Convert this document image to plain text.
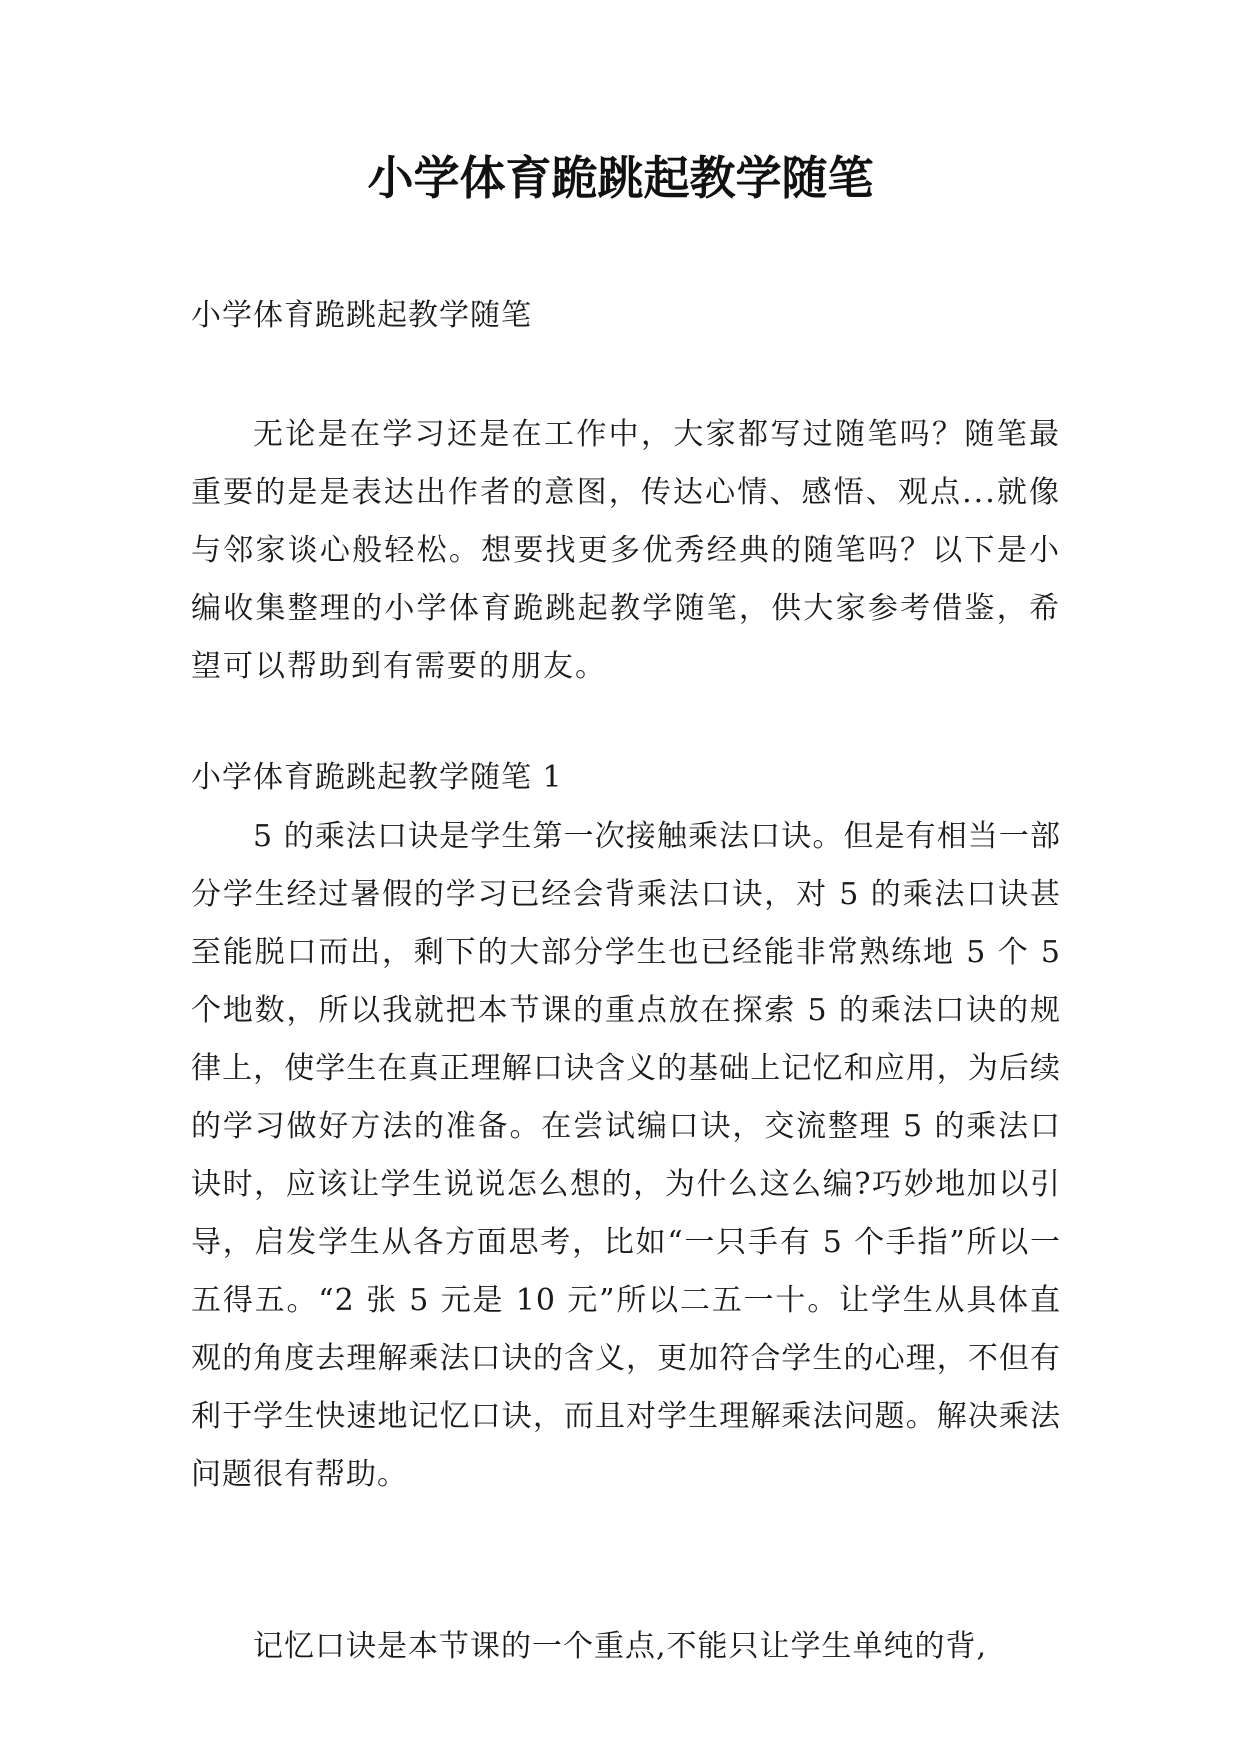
小学体育跪跳起教学随笔

小学体育跪跳起教学随笔

无论是在学习还是在工作中，大家都写过随笔吗？随笔最重要的是是表达出作者的意图，传达心情、感悟、观点...就像与邻家谈心般轻松。想要找更多优秀经典的随笔吗？以下是小编收集整理的小学体育跪跳起教学随笔，供大家参考借鉴，希望可以帮助到有需要的朋友。

小学体育跪跳起教学随笔 1

5 的乘法口诀是学生第一次接触乘法口诀。但是有相当一部分学生经过暑假的学习已经会背乘法口诀，对 5 的乘法口诀甚至能脱口而出，剩下的大部分学生也已经能非常熟练地 5 个 5 个地数，所以我就把本节课的重点放在探索 5 的乘法口诀的规律上，使学生在真正理解口诀含义的基础上记忆和应用，为后续的学习做好方法的准备。在尝试编口诀，交流整理 5 的乘法口诀时，应该让学生说说怎么想的，为什么这么编?巧妙地加以引导，启发学生从各方面思考，比如“一只手有 5 个手指”所以一五得五。“2 张 5 元是 10 元”所以二五一十。让学生从具体直观的角度去理解乘法口诀的含义，更加符合学生的心理，不但有利于学生快速地记忆口诀，而且对学生理解乘法问题。解决乘法问题很有帮助。

记忆口诀是本节课的一个重点,不能只让学生单纯的背,
